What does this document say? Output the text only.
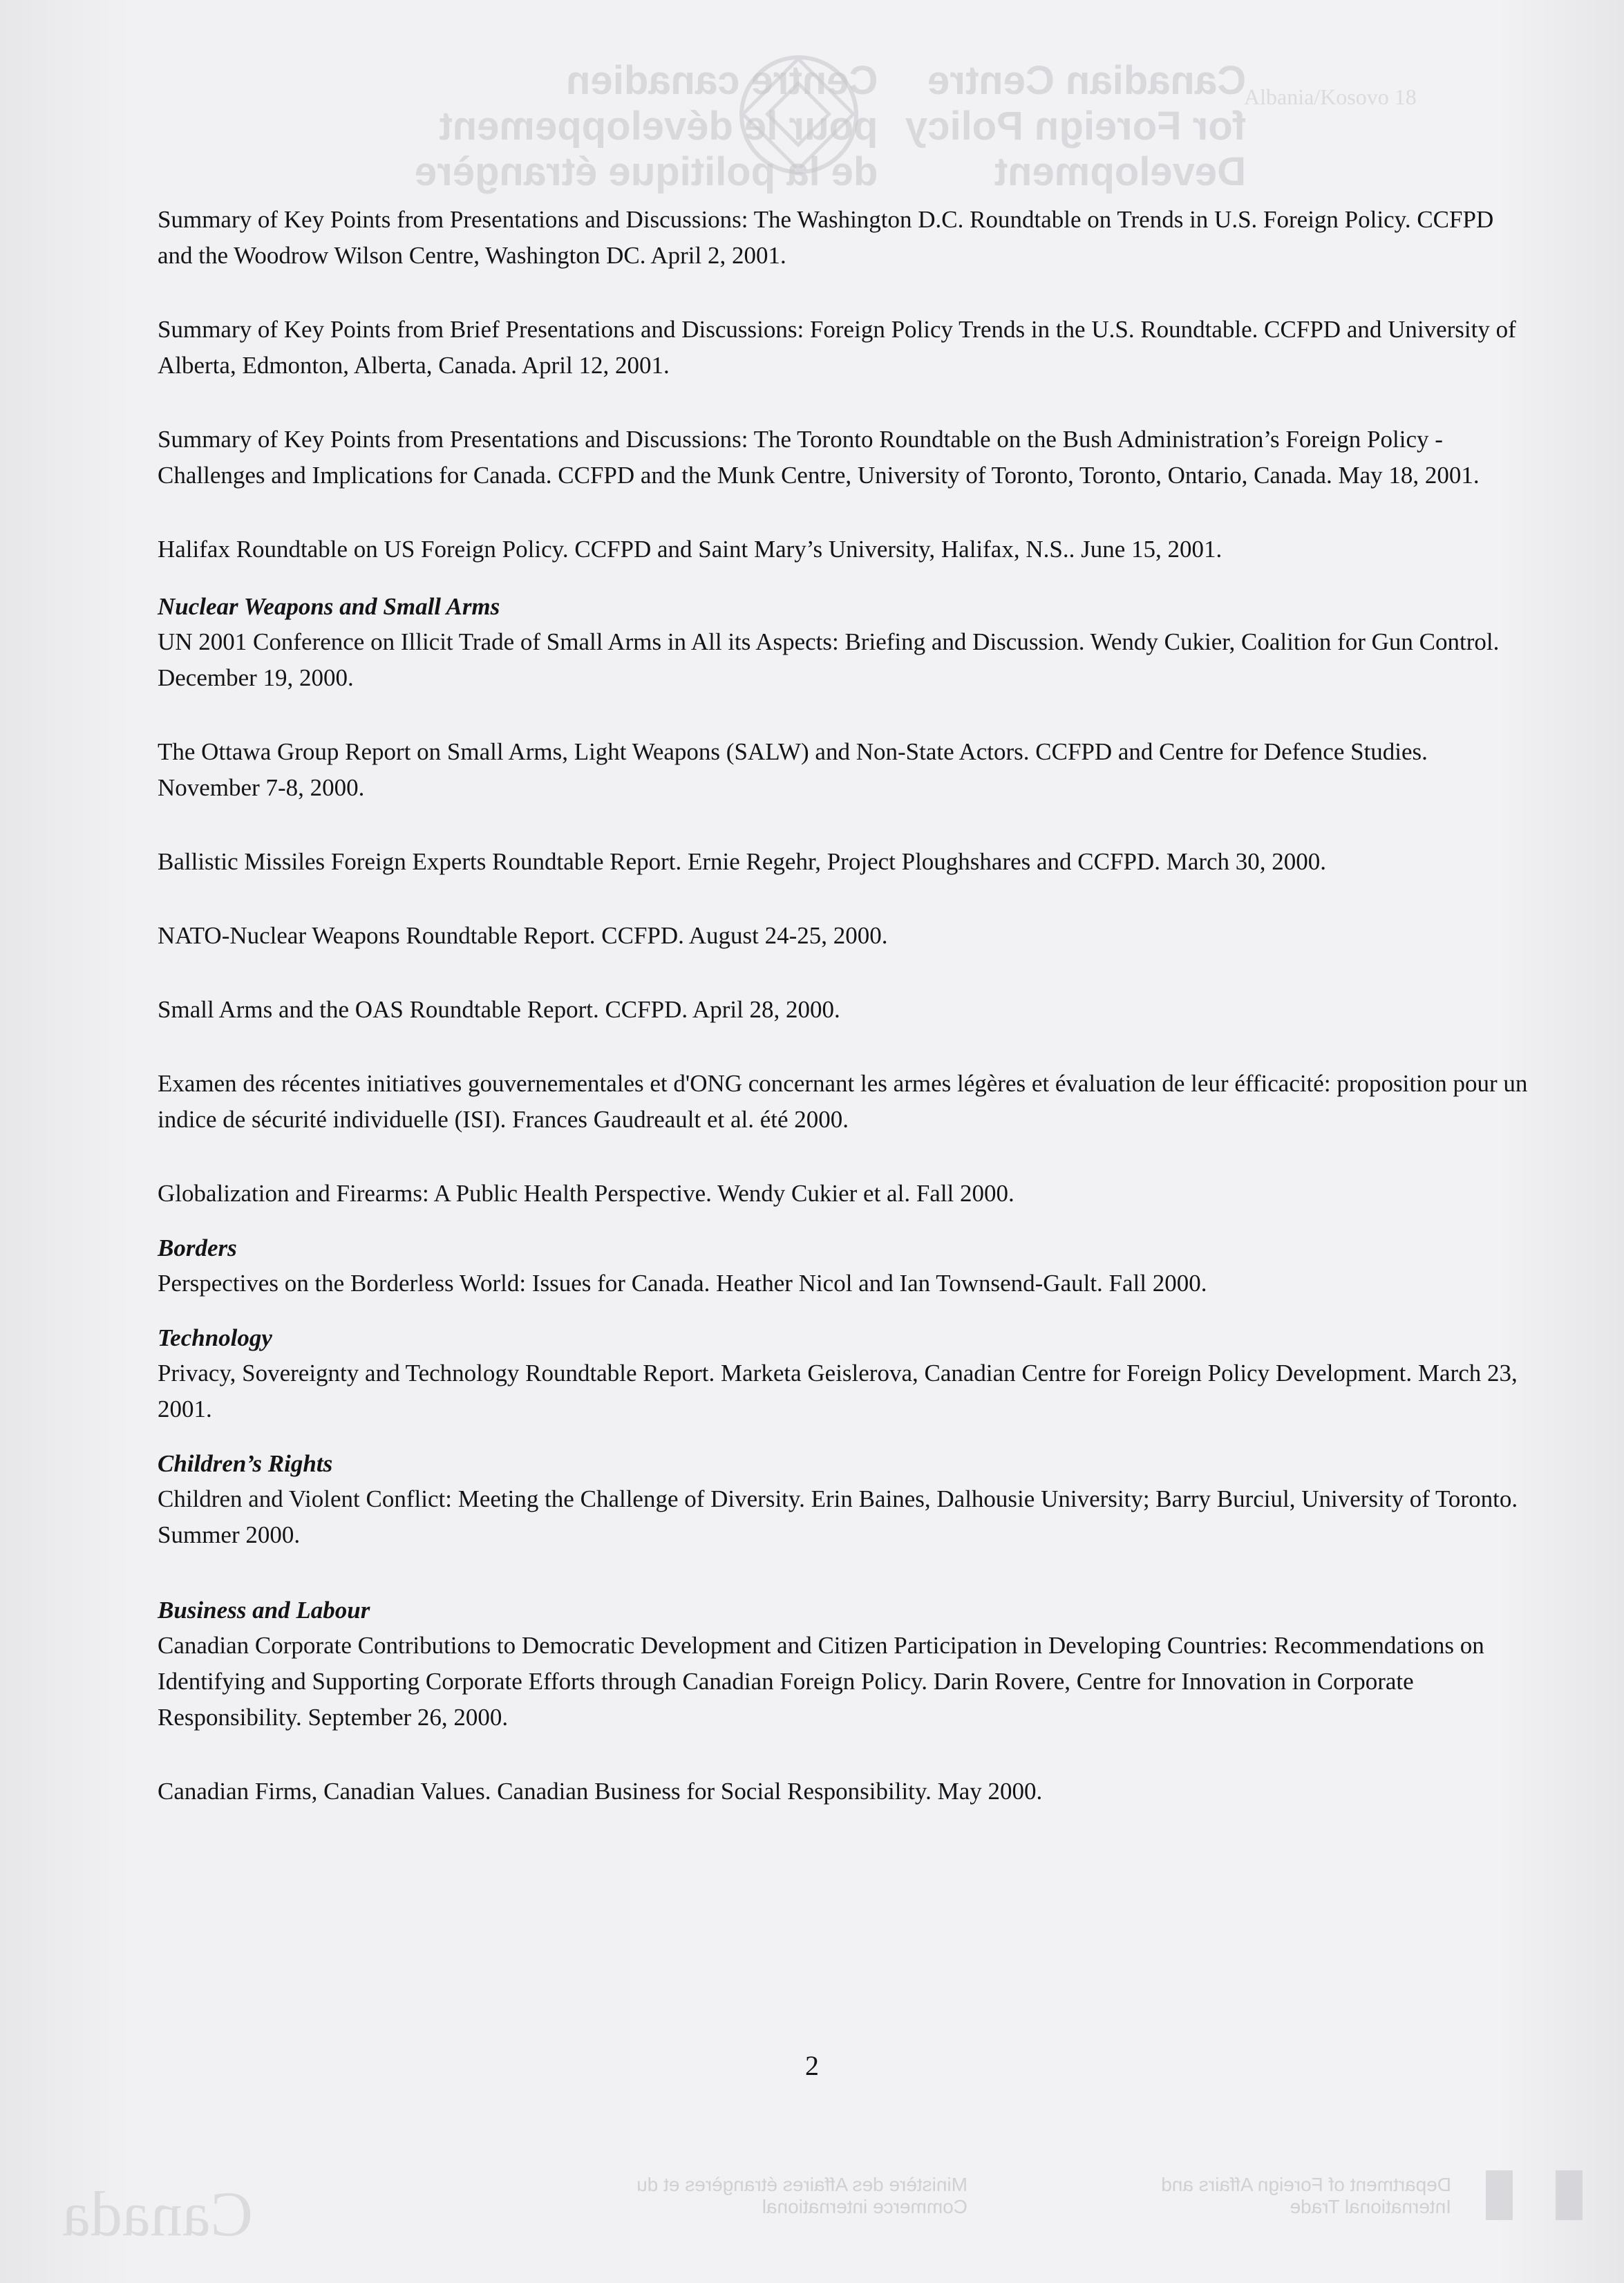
Centre canadien
pour le développement
de la politique étrangère
Canadian Centre
for Foreign Policy
Development
Albania/Kosovo 18
Canada	Ministère des Affaires étrangères et du Commerce international
Department of Foreign Affairs and International Trade

Summary of Key Points from Presentations and Discussions: The Washington D.C. Roundtable on Trends in U.S. Foreign Policy. CCFPD and the Woodrow Wilson Centre, Washington DC. April 2, 2001.

Summary of Key Points from Brief Presentations and Discussions: Foreign Policy Trends in the U.S. Roundtable. CCFPD and University of Alberta, Edmonton, Alberta, Canada. April 12, 2001.

Summary of Key Points from Presentations and Discussions: The Toronto Roundtable on the Bush Administration’s Foreign Policy - Challenges and Implications for Canada. CCFPD and the Munk Centre, University of Toronto, Toronto, Ontario, Canada. May 18, 2001.

Halifax Roundtable on US Foreign Policy. CCFPD and Saint Mary’s University, Halifax, N.S.. June 15, 2001.

Nuclear Weapons and Small Arms

UN 2001 Conference on Illicit Trade of Small Arms in All its Aspects: Briefing and Discussion. Wendy Cukier, Coalition for Gun Control. December 19, 2000.

The Ottawa Group Report on Small Arms, Light Weapons (SALW) and Non-State Actors. CCFPD and Centre for Defence Studies. November 7-8, 2000.

Ballistic Missiles Foreign Experts Roundtable Report. Ernie Regehr, Project Ploughshares and CCFPD. March 30, 2000.

NATO-Nuclear Weapons Roundtable Report. CCFPD. August 24-25, 2000.

Small Arms and the OAS Roundtable Report. CCFPD. April 28, 2000.

Examen des récentes initiatives gouvernementales et d'ONG concernant les armes légères et évaluation de leur éfficacité: proposition pour un indice de sécurité individuelle (ISI). Frances Gaudreault et al. été 2000.

Globalization and Firearms: A Public Health Perspective. Wendy Cukier et al. Fall 2000.

Borders

Perspectives on the Borderless World: Issues for Canada. Heather Nicol and Ian Townsend-Gault. Fall 2000.

Technology

Privacy, Sovereignty and Technology Roundtable Report. Marketa Geislerova, Canadian Centre for Foreign Policy Development. March 23, 2001.

Children’s Rights

Children and Violent Conflict: Meeting the Challenge of Diversity. Erin Baines, Dalhousie University; Barry Burciul, University of Toronto. Summer 2000.

Business and Labour

Canadian Corporate Contributions to Democratic Development and Citizen Participation in Developing Countries: Recommendations on Identifying and Supporting Corporate Efforts through Canadian Foreign Policy. Darin Rovere, Centre for Innovation in Corporate Responsibility. September 26, 2000.

Canadian Firms, Canadian Values. Canadian Business for Social Responsibility. May 2000.

2
